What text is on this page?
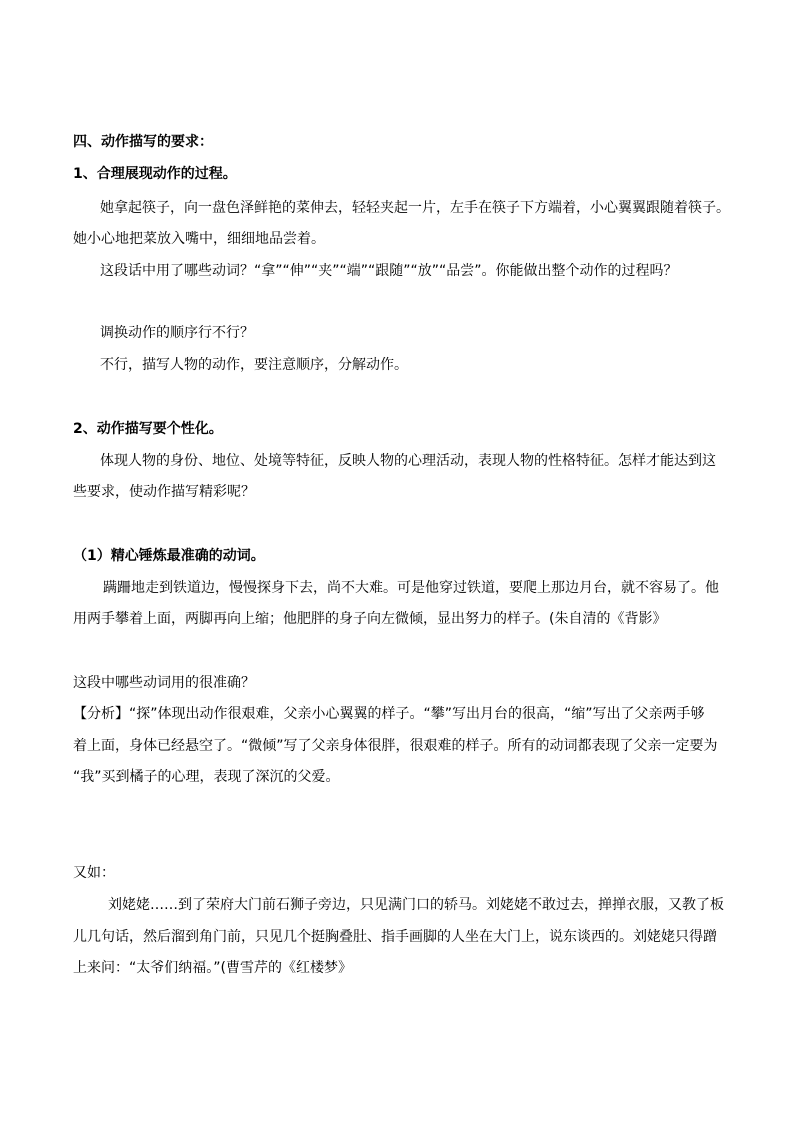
四、动作描写的要求：
1、合理展现动作的过程。
她拿起筷子，向一盘色泽鲜艳的菜伸去，轻轻夹起一片，左手在筷子下方端着，小心翼翼跟随着筷子。
她小心地把菜放入嘴中，细细地品尝着。
这段话中用了哪些动词？“拿”“伸”“夹”“端”“跟随”“放”“品尝”。你能做出整个动作的过程吗？
调换动作的顺序行不行？
不行，描写人物的动作，要注意顺序，分解动作。
2、动作描写要个性化。
体现人物的身份、地位、处境等特征，反映人物的心理活动，表现人物的性格特征。怎样才能达到这
些要求，使动作描写精彩呢？
（1）精心锤炼最准确的动词。
蹒跚地走到铁道边，慢慢探身下去，尚不大难。可是他穿过铁道，要爬上那边月台，就不容易了。他
用两手攀着上面，两脚再向上缩；他肥胖的身子向左微倾，显出努力的样子。(朱自清的《背影》
这段中哪些动词用的很准确？
【分析】“探”体现出动作很艰难，父亲小心翼翼的样子。“攀”写出月台的很高，“缩”写出了父亲两手够
着上面，身体已经悬空了。“微倾”写了父亲身体很胖，很艰难的样子。所有的动词都表现了父亲一定要为
“我”买到橘子的心理，表现了深沉的父爱。
又如：
刘姥姥……到了荣府大门前石狮子旁边，只见满门口的轿马。刘姥姥不敢过去，掸掸衣服，又教了板
儿几句话，然后溜到角门前，只见几个挺胸叠肚、指手画脚的人坐在大门上，说东谈西的。刘姥姥只得蹭
上来问：“太爷们纳福。”(曹雪芹的《红楼梦》
